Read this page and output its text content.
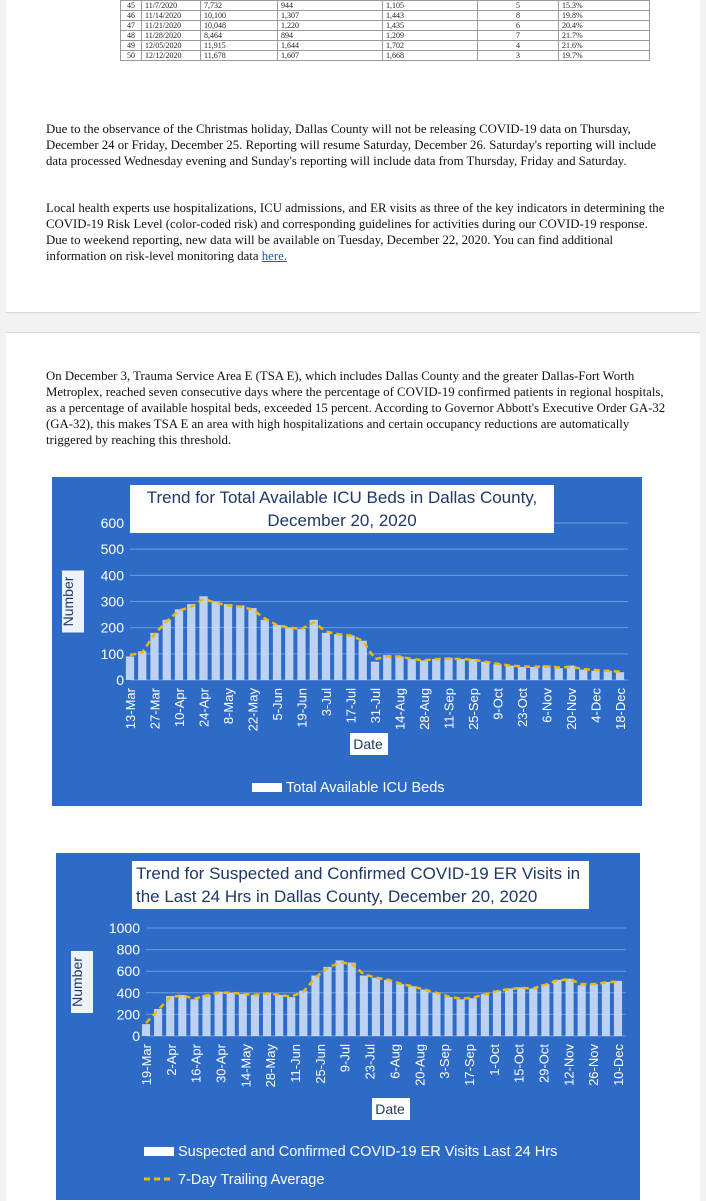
45	11/7/2020	7,732	944	1,105	5	15.3%
46	11/14/2020	10,100	1,307	1,443	8	19.8%
47	11/21/2020	10,048	1,220	1,435	6	20.4%
48	11/28/2020	8,464	894	1,209	7	21.7%
49	12/05/2020	11,915	1,644	1,702	4	21.6%
50	12/12/2020	11,678	1,607	1,668	3	19.7%

Due to the observance of the Christmas holiday, Dallas County will not be releasing COVID-19 data on Thursday, December 24 or Friday, December 25. Reporting will resume Saturday, December 26. Saturday's reporting will include data processed Wednesday evening and Sunday's reporting will include data from Thursday, Friday and Saturday.

Local health experts use hospitalizations, ICU admissions, and ER visits as three of the key indicators in determining the COVID-19 Risk Level (color-coded risk) and corresponding guidelines for activities during our COVID-19 response. Due to weekend reporting, new data will be available on Tuesday, December 22, 2020. You can find additional information on risk-level monitoring data here.

On December 3, Trauma Service Area E (TSA E), which includes Dallas County and the greater Dallas-Fort Worth Metroplex, reached seven consecutive days where the percentage of COVID-19 confirmed patients in regional hospitals, as a percentage of available hospital beds, exceeded 15 percent. According to Governor Abbott's Executive Order GA-32 (GA-32), this makes TSA E an area with high hospitalizations and certain occupancy reductions are automatically triggered by reaching this threshold.

0
100
200
300
400
500
600
Number
13-Mar 27-Mar 10-Apr 24-Apr 8-May 22-May 5-Jun 19-Jun 3-Jul 17-Jul 31-Jul 14-Aug 28-Aug 11-Sep 25-Sep 9-Oct 23-Oct 6-Nov 20-Nov 4-Dec 18-Dec
Date
Total Available ICU Beds
Trend for Total Available ICU Beds in Dallas County, December 20, 2020
0
200
400
600
800
1000
Number
19-Mar 2-Apr 16-Apr 30-Apr 14-May 28-May 11-Jun 25-Jun 9-Jul 23-Jul 6-Aug 20-Aug 3-Sep 17-Sep 1-Oct 15-Oct 29-Oct 12-Nov 26-Nov 10-Dec
Date
Suspected and Confirmed COVID-19 ER Visits Last 24 Hrs
7-Day Trailing Average
Trend for Suspected and Confirmed COVID-19 ER Visits in the Last 24 Hrs in Dallas County, December 20, 2020
